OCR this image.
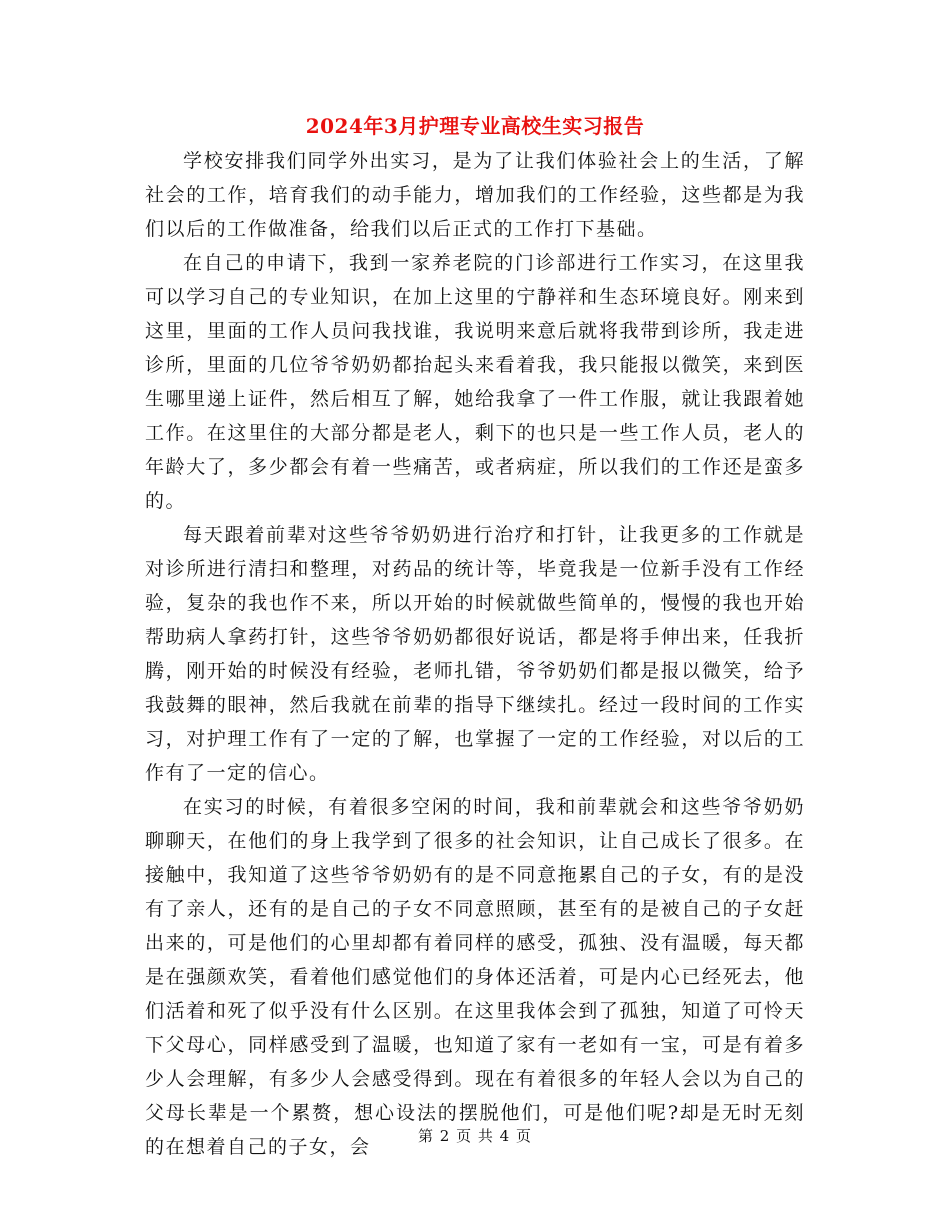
2024年3月护理专业高校生实习报告

学校安排我们同学外出实习，是为了让我们体验社会上的生活，了解社会的工作，培育我们的动手能力，增加我们的工作经验，这些都是为我们以后的工作做准备，给我们以后正式的工作打下基础。

在自己的申请下，我到一家养老院的门诊部进行工作实习，在这里我可以学习自己的专业知识，在加上这里的宁静祥和生态环境良好。刚来到这里，里面的工作人员问我找谁，我说明来意后就将我带到诊所，我走进诊所，里面的几位爷爷奶奶都抬起头来看着我，我只能报以微笑，来到医生哪里递上证件，然后相互了解，她给我拿了一件工作服，就让我跟着她工作。在这里住的大部分都是老人，剩下的也只是一些工作人员，老人的年龄大了，多少都会有着一些痛苦，或者病症，所以我们的工作还是蛮多的。

每天跟着前辈对这些爷爷奶奶进行治疗和打针，让我更多的工作就是对诊所进行清扫和整理，对药品的统计等，毕竟我是一位新手没有工作经验，复杂的我也作不来，所以开始的时候就做些简单的，慢慢的我也开始帮助病人拿药打针，这些爷爷奶奶都很好说话，都是将手伸出来，任我折腾，刚开始的时候没有经验，老师扎错，爷爷奶奶们都是报以微笑，给予我鼓舞的眼神，然后我就在前辈的指导下继续扎。经过一段时间的工作实习，对护理工作有了一定的了解，也掌握了一定的工作经验，对以后的工作有了一定的信心。

在实习的时候，有着很多空闲的时间，我和前辈就会和这些爷爷奶奶聊聊天，在他们的身上我学到了很多的社会知识，让自己成长了很多。在接触中，我知道了这些爷爷奶奶有的是不同意拖累自己的子女，有的是没有了亲人，还有的是自己的子女不同意照顾，甚至有的是被自己的子女赶出来的，可是他们的心里却都有着同样的感受，孤独、没有温暖，每天都是在强颜欢笑，看着他们感觉他们的身体还活着，可是内心已经死去，他们活着和死了似乎没有什么区别。在这里我体会到了孤独，知道了可怜天下父母心，同样感受到了温暖，也知道了家有一老如有一宝，可是有着多少人会理解，有多少人会感受得到。现在有着很多的年轻人会以为自己的父母长辈是一个累赘，想心设法的摆脱他们，可是他们呢?却是无时无刻的在想着自己的子女，会	第 2 页 共 4 页
